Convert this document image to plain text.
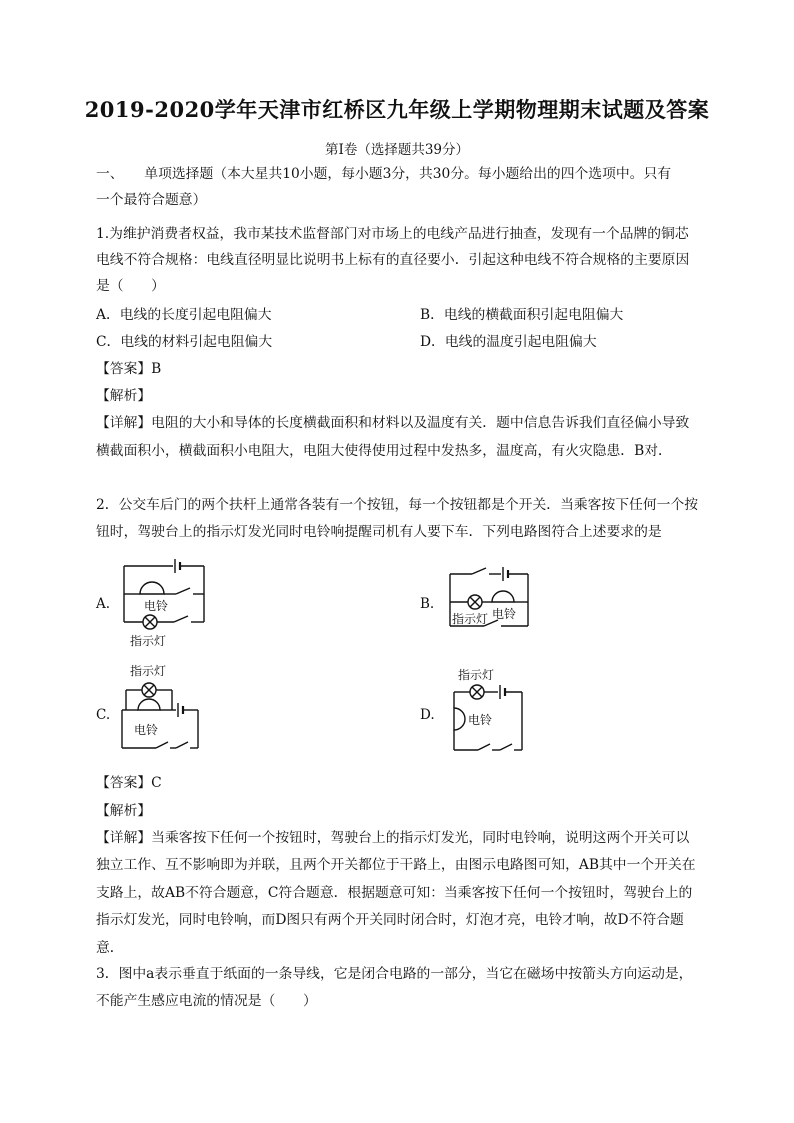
2019-2020学年天津市红桥区九年级上学期物理期末试题及答案
第Ⅰ卷（选择题共39分）
一、　　单项选择题（本大星共10小题，每小题3分，共30分。每小题给出的四个选项中。只有
一个最符合题意）
1.为维护消费者权益，我市某技术监督部门对市场上的电线产品进行抽查，发现有一个品牌的铜芯
电线不符合规格：电线直径明显比说明书上标有的直径要小．引起这种电线不符合规格的主要原因
是（　　）
A．电线的长度引起电阻偏大	B．电线的横截面积引起电阻偏大
C．电线的材料引起电阻偏大	D．电线的温度引起电阻偏大
【答案】B
【解析】
【详解】电阻的大小和导体的长度横截面积和材料以及温度有关．题中信息告诉我们直径偏小导致
横截面积小，横截面积小电阻大，电阻大使得使用过程中发热多，温度高，有火灾隐患．B对．
2．公交车后门的两个扶杆上通常各装有一个按钮，每一个按钮都是个开关．当乘客按下任何一个按
钮时，驾驶台上的指示灯发光同时电铃响提醒司机有人要下车．下列电路图符合上述要求的是
A.	电铃
指示灯
B.
指示灯 电铃
C.
指示灯
电铃
D.
指示灯
电铃
【答案】C
【解析】
【详解】当乘客按下任何一个按钮时，驾驶台上的指示灯发光，同时电铃响，说明这两个开关可以
独立工作、互不影响即为并联，且两个开关都位于干路上，由图示电路图可知，AB其中一个开关在
支路上，故AB不符合题意，C符合题意．根据题意可知：当乘客按下任何一个按钮时，驾驶台上的
指示灯发光，同时电铃响，而D图只有两个开关同时闭合时，灯泡才亮，电铃才响，故D不符合题
意．
3．图中a表示垂直于纸面的一条导线，它是闭合电路的一部分，当它在磁场中按箭头方向运动是，
不能产生感应电流的情况是（　　）
